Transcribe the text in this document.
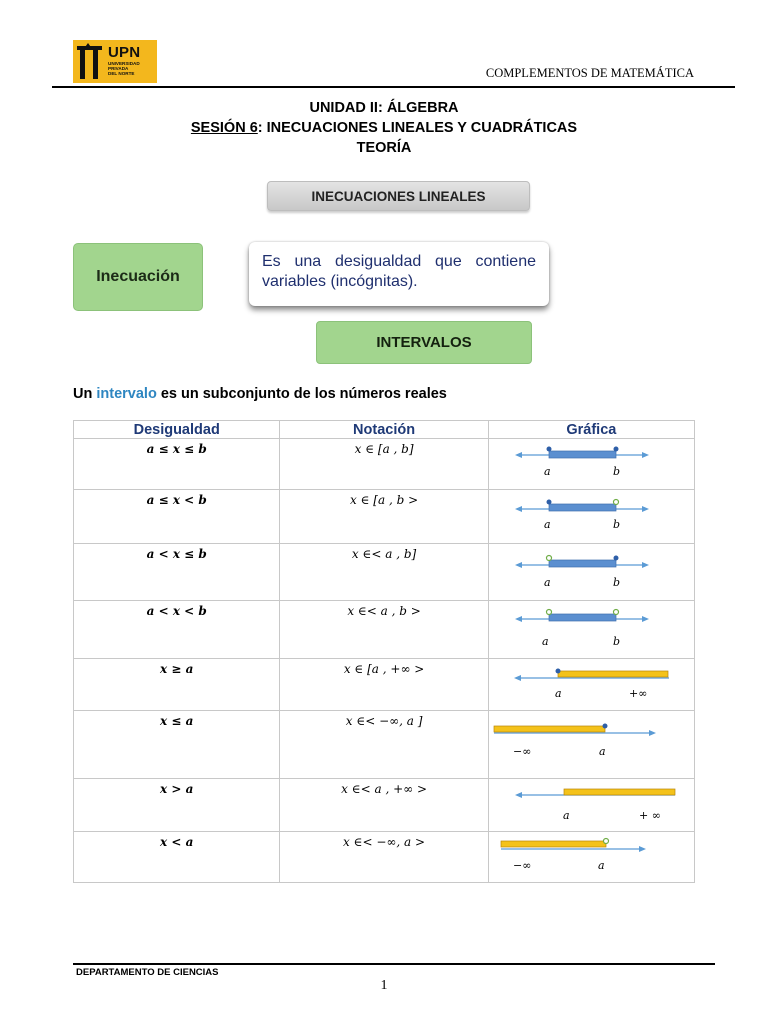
UPN
UNIVERSIDAD
PRIVADA
DEL NORTE	COMPLEMENTOS DE MATEMÁTICA
UNIDAD II: ÁLGEBRA
SESIÓN 6: INECUACIONES LINEALES Y CUADRÁTICAS
TEORÍA
INECUACIONES LINEALES
Inecuación
Es una desigualdad que contiene variables (incógnitas).
INTERVALOS
Un intervalo es un subconjunto de los números reales
Desigualdad	Notación	Gráfica
𝒂 ≤ 𝒙 ≤ 𝒃	x ∈ [a , b]	a b

𝒂 ≤ 𝒙 < 𝒃	x ∈ [a , b >	a b

𝒂 < 𝒙 ≤ 𝒃	x ∈< a , b]	a b

𝒂 < 𝒙 < 𝒃	x ∈< a , b >	a b

𝒙 ≥ 𝒂	x ∈ [a , +∞ >	a +∞

𝒙 ≤ 𝒂	x ∈< −∞, a ]	−∞ a

𝒙 > 𝒂	x ∈< a , +∞ >	a + ∞

𝒙 < 𝒂	x ∈< −∞, a >	−∞ a
DEPARTAMENTO DE CIENCIAS
1
